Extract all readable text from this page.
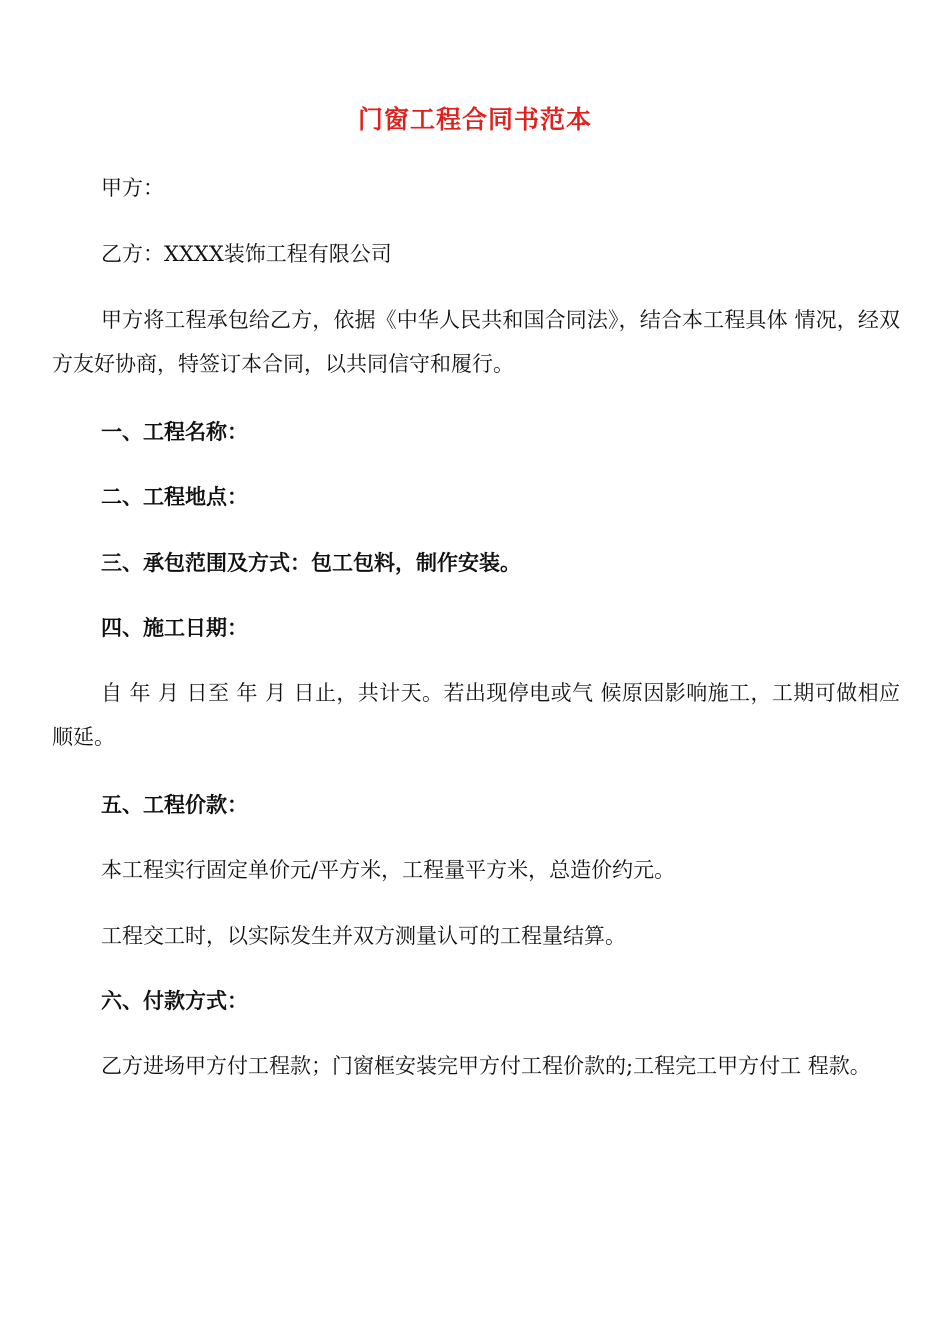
门窗工程合同书范本
甲方：
乙方：XXXX装饰工程有限公司
甲方将工程承包给乙方，依据《中华人民共和国合同法》，结合本工程具体 情况，经双方友好协商，特签订本合同，以共同信守和履行。
一、工程名称：
二、工程地点：
三、承包范围及方式：包工包料，制作安装。
四、施工日期：
自 年 月 日至 年 月 日止，共计天。若出现停电或气 候原因影响施工，工期可做相应顺延。
五、工程价款：
本工程实行固定单价元/平方米，工程量平方米，总造价约元。
工程交工时，以实际发生并双方测量认可的工程量结算。
六、付款方式：
乙方进场甲方付工程款；门窗框安装完甲方付工程价款的;工程完工甲方付工 程款。
